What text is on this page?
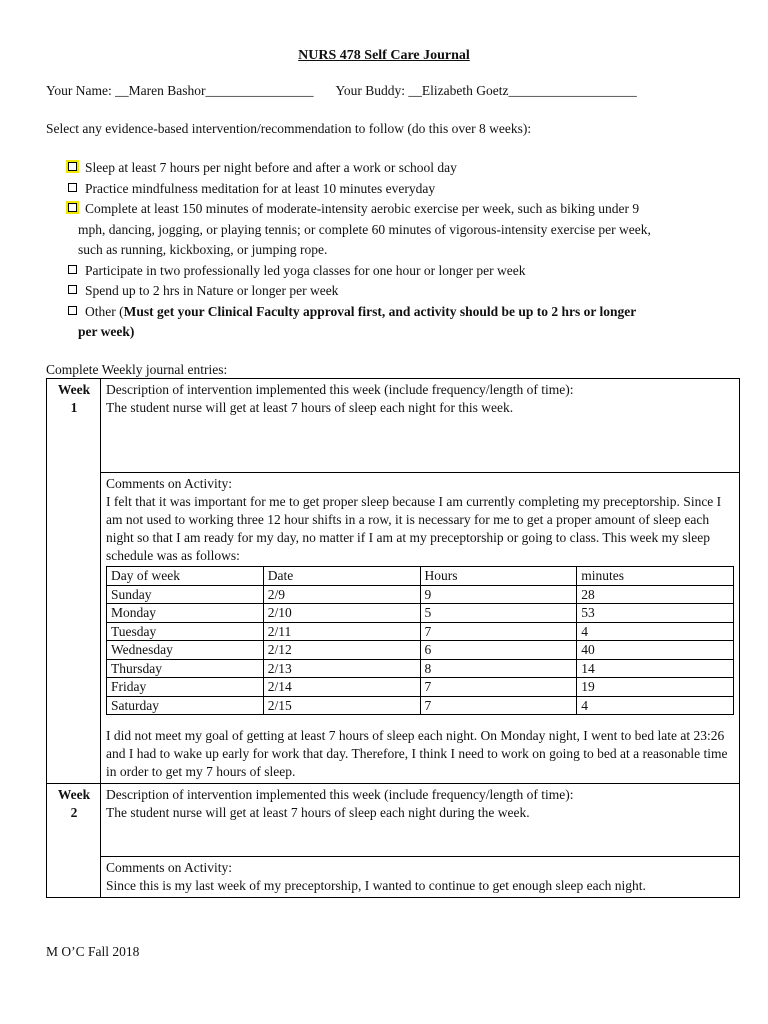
NURS 478 Self Care Journal
Your Name: __Maren Bashor________________ Your Buddy: __Elizabeth Goetz___________________
Select any evidence-based intervention/recommendation to follow (do this over 8 weeks):
Sleep at least 7 hours per night before and after a work or school day
Practice mindfulness meditation for at least 10 minutes everyday
Complete at least 150 minutes of moderate-intensity aerobic exercise per week, such as biking under 9
mph, dancing, jogging, or playing tennis; or complete 60 minutes of vigorous-intensity exercise per week,
such as running, kickboxing, or jumping rope.
Participate in two professionally led yoga classes for one hour or longer per week
Spend up to 2 hrs in Nature or longer per week
Other (Must get your Clinical Faculty approval first, and activity should be up to 2 hrs or longer
per week)
Complete Weekly journal entries:
Week
1

Description of intervention implemented this week (include frequency/length of time):
The student nurse will get at least 7 hours of sleep each night for this week.

Comments on Activity:
I felt that it was important for me to get proper sleep because I am currently completing my preceptorship. Since I am not used to working three 12 hour shifts in a row, it is necessary for me to get a proper amount of sleep each night so that I am ready for my day, no matter if I am at my preceptorship or going to class. This week my sleep schedule was as follows:
Day of week	Date	Hours	minutes
Sunday	2/9	9	28
Monday	2/10	5	53
Tuesday	2/11	7	4
Wednesday	2/12	6	40
Thursday	2/13	8	14
Friday	2/14	7	19
Saturday	2/15	7	4
I did not meet my goal of getting at least 7 hours of sleep each night. On Monday night, I went to bed late at 23:26 and I had to wake up early for work that day. Therefore, I think I need to work on going to bed at a reasonable time in order to get my 7 hours of sleep.

Week
2

Description of intervention implemented this week (include frequency/length of time):
The student nurse will get at least 7 hours of sleep each night during the week.

Comments on Activity:
Since this is my last week of my preceptorship, I wanted to continue to get enough sleep each night.
M O’C Fall 2018
